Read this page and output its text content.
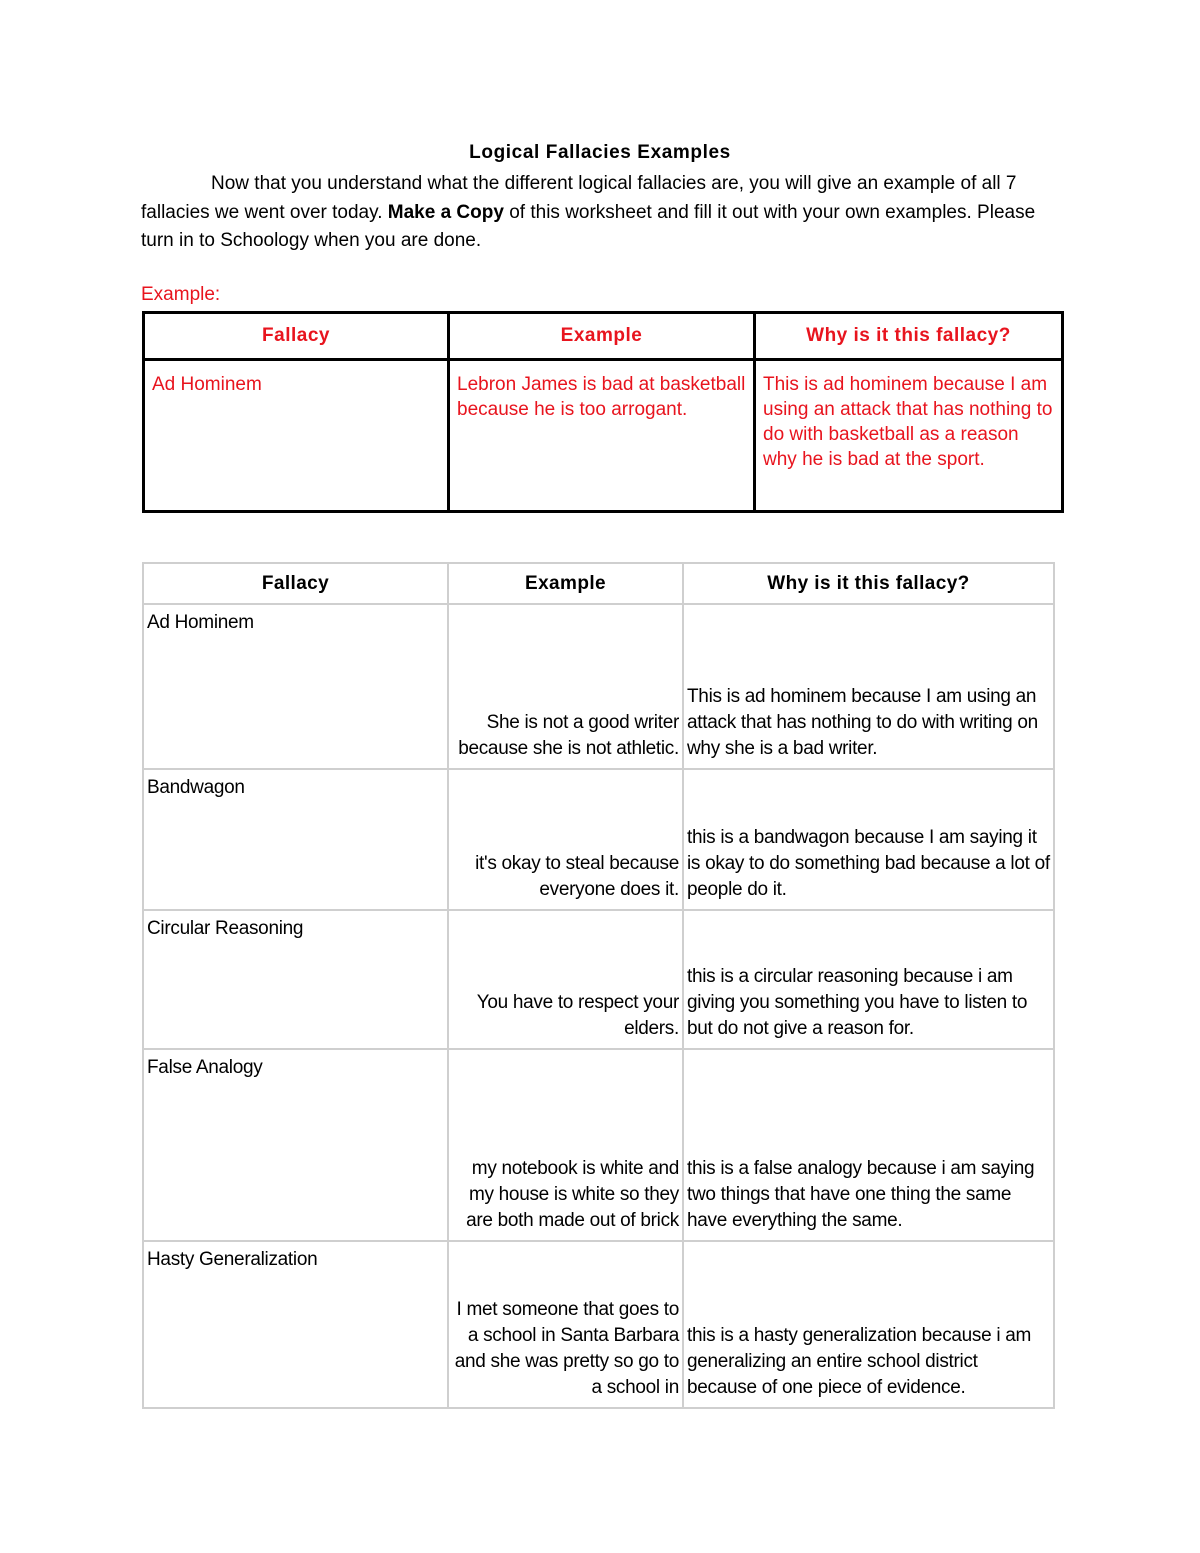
Logical Fallacies Examples
Now that you understand what the different logical fallacies are, you will give an example of all 7 fallacies we went over today. Make a Copy of this worksheet and fill it out with your own examples. Please turn in to Schoology when you are done.
Example:
Fallacy	Example	Why is it this fallacy?
Ad Hominem	Lebron James is bad at basketball because he is too arrogant.	This is ad hominem because I am using an attack that has nothing to do with basketball as a reason why he is bad at the sport.
Fallacy	Example	Why is it this fallacy?
Ad Hominem	She is not a good writer because she is not athletic.	This is ad hominem because I am using an attack that has nothing to do with writing on why she is a bad writer.
Bandwagon	it's okay to steal because everyone does it.	this is a bandwagon because I am saying it is okay to do something bad because a lot of people do it.
Circular Reasoning	You have to respect your elders.	this is a circular reasoning because i am giving you something you have to listen to but do not give a reason for.
False Analogy	my notebook is white and my house is white so they are both made out of brick	this is a false analogy because i am saying two things that have one thing the same have everything the same.
Hasty Generalization	I met someone that goes to a school in Santa Barbara and she was pretty so go to a school in	this is a hasty generalization because i am generalizing an entire school district because of one piece of evidence.
